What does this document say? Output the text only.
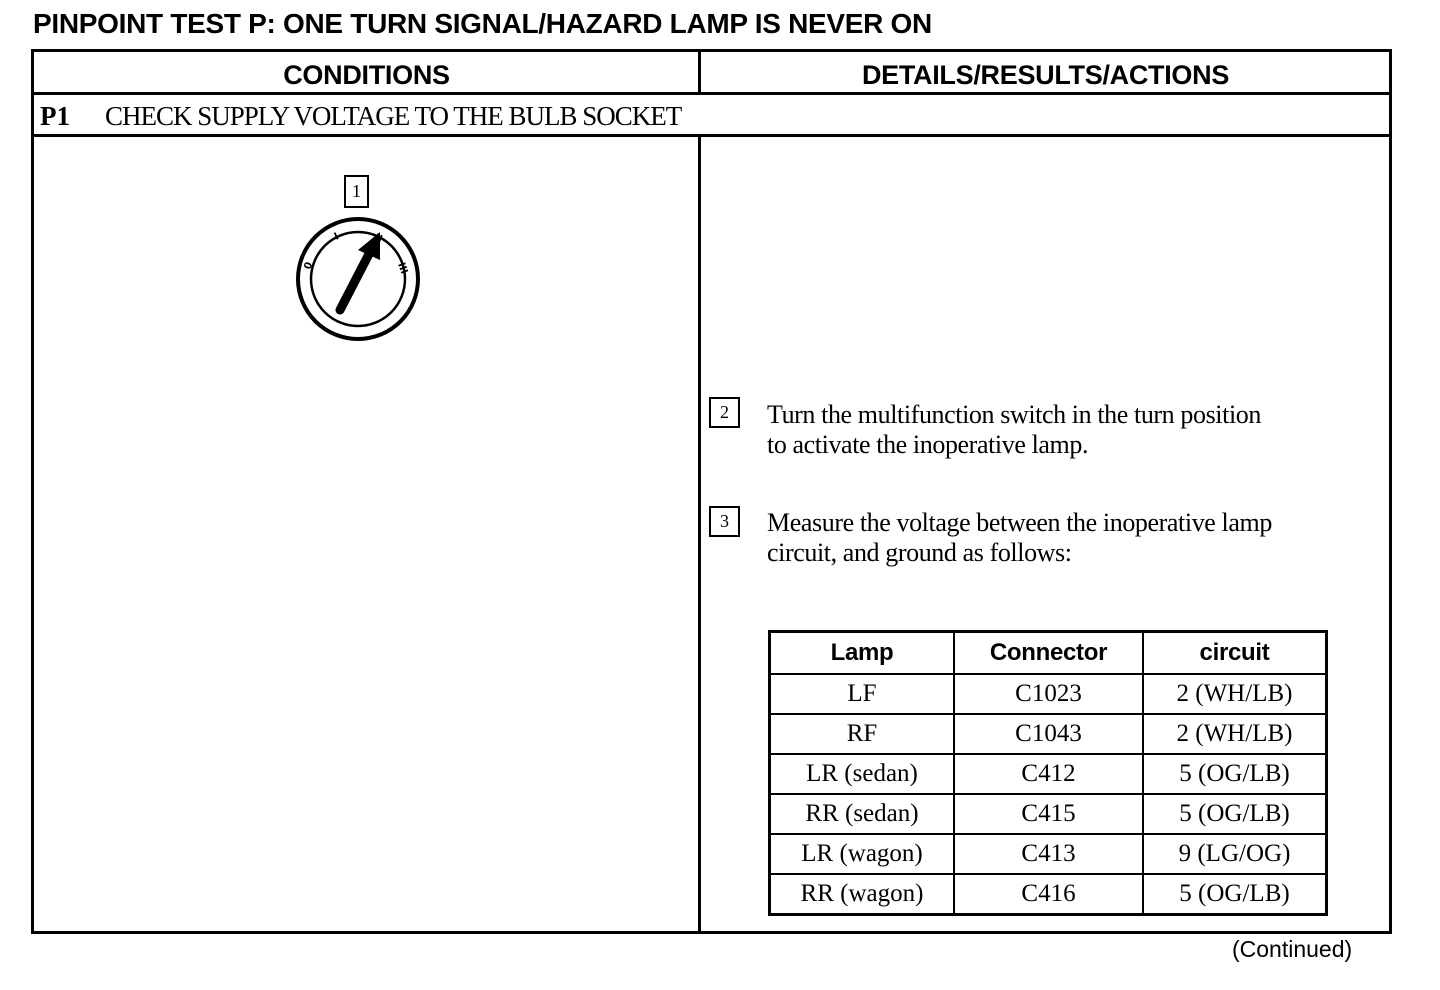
PINPOINT TEST P: ONE TURN SIGNAL/HAZARD LAMP IS NEVER ON
CONDITIONS	DETAILS/RESULTS/ACTIONS
P1 CHECK SUPPLY VOLTAGE TO THE BULB SOCKET
1
0
I
III
2	Turn the multifunction switch in the turn position
to activate the inoperative lamp.
3	Measure the voltage between the inoperative lamp
circuit, and ground as follows:
Lamp	Connector	circuit
LF	C1023	2 (WH/LB)
RF	C1043	2 (WH/LB)
LR (sedan)	C412	5 (OG/LB)
RR (sedan)	C415	5 (OG/LB)
LR (wagon)	C413	9 (LG/OG)
RR (wagon)	C416	5 (OG/LB)
(Continued)
